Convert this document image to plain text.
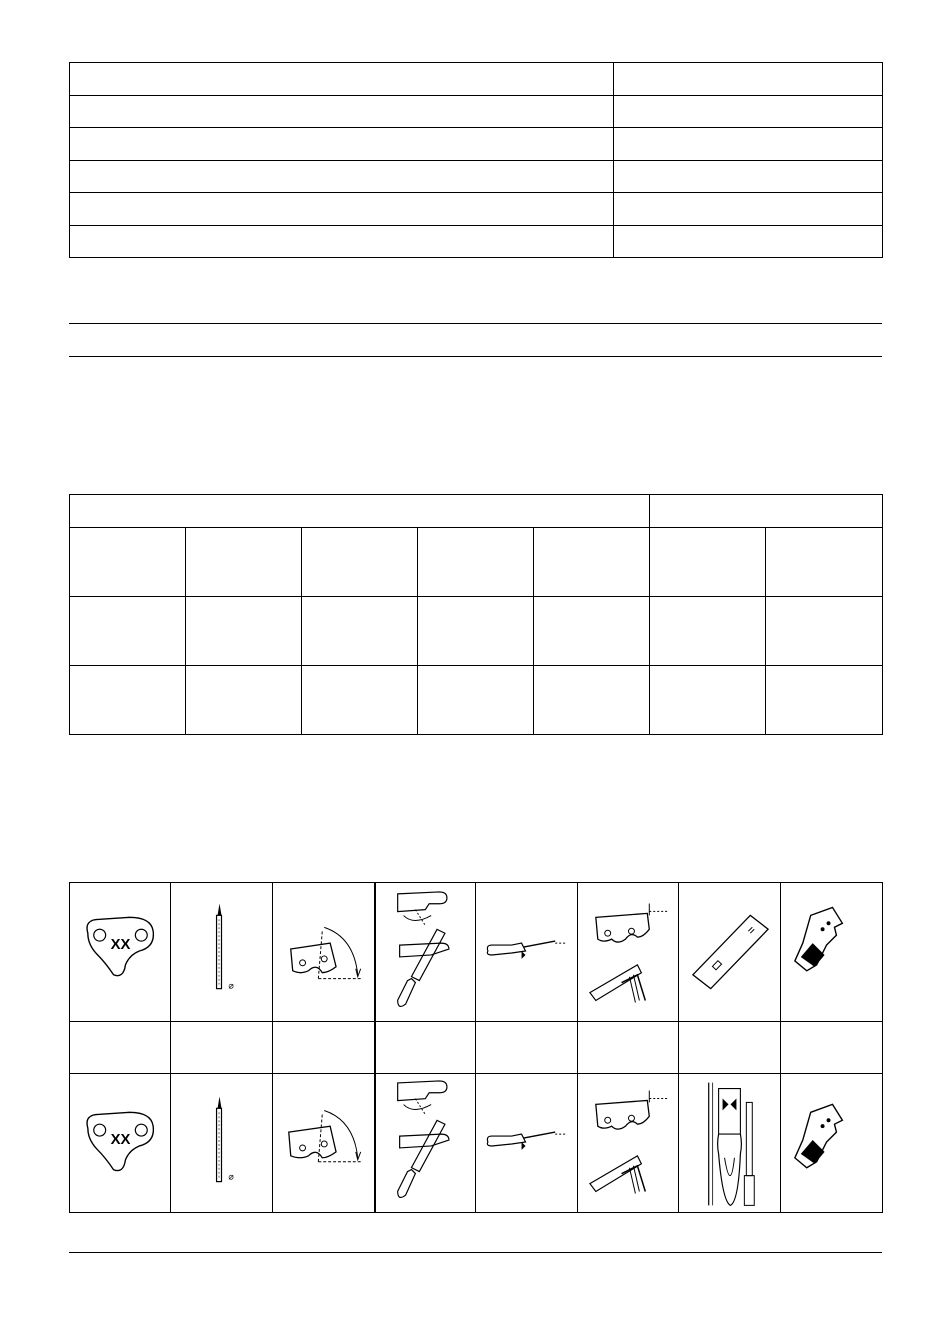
XX	⌀

XX	⌀
